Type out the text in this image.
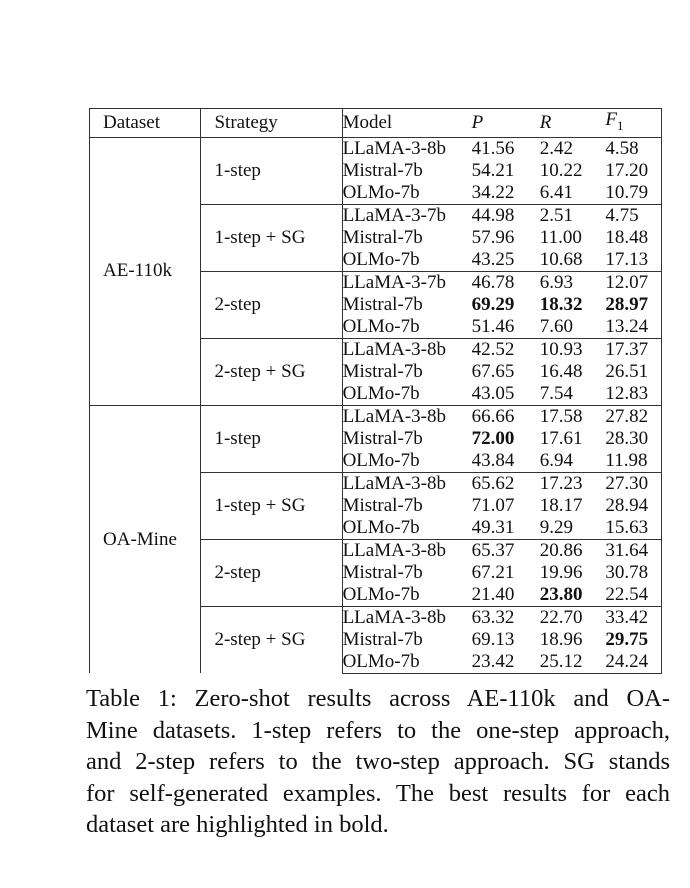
Dataset	Strategy	Model	P	R	$F_1$
AE-110k	1-step	LLaMA-3-8b	41.56	2.42	4.58
		Mistral-7b	54.21	10.22	17.20
		OLMo-7b	34.22	6.41	10.79
	1-step + SG	LLaMA-3-7b	44.98	2.51	4.75
		Mistral-7b	57.96	11.00	18.48
		OLMo-7b	43.25	10.68	17.13
	2-step	LLaMA-3-7b	46.78	6.93	12.07
		Mistral-7b	69.29	18.32	28.97
		OLMo-7b	51.46	7.60	13.24
	2-step + SG	LLaMA-3-8b	42.52	10.93	17.37
		Mistral-7b	67.65	16.48	26.51
		OLMo-7b	43.05	7.54	12.83
OA-Mine	1-step	LLaMA-3-8b	66.66	17.58	27.82
		Mistral-7b	72.00	17.61	28.30
		OLMo-7b	43.84	6.94	11.98
	1-step + SG	LLaMA-3-8b	65.62	17.23	27.30
		Mistral-7b	71.07	18.17	28.94
		OLMo-7b	49.31	9.29	15.63
	2-step	LLaMA-3-8b	65.37	20.86	31.64
		Mistral-7b	67.21	19.96	30.78
		OLMo-7b	21.40	23.80	22.54
	2-step + SG	LLaMA-3-8b	63.32	22.70	33.42
		Mistral-7b	69.13	18.96	29.75
		OLMo-7b	23.42	25.12	24.24

Table 1: Zero-shot results across AE-110k and OA-
Mine datasets. 1-step refers to the one-step approach,
and 2-step refers to the two-step approach. SG stands
for self-generated examples. The best results for each
dataset are highlighted in bold.
